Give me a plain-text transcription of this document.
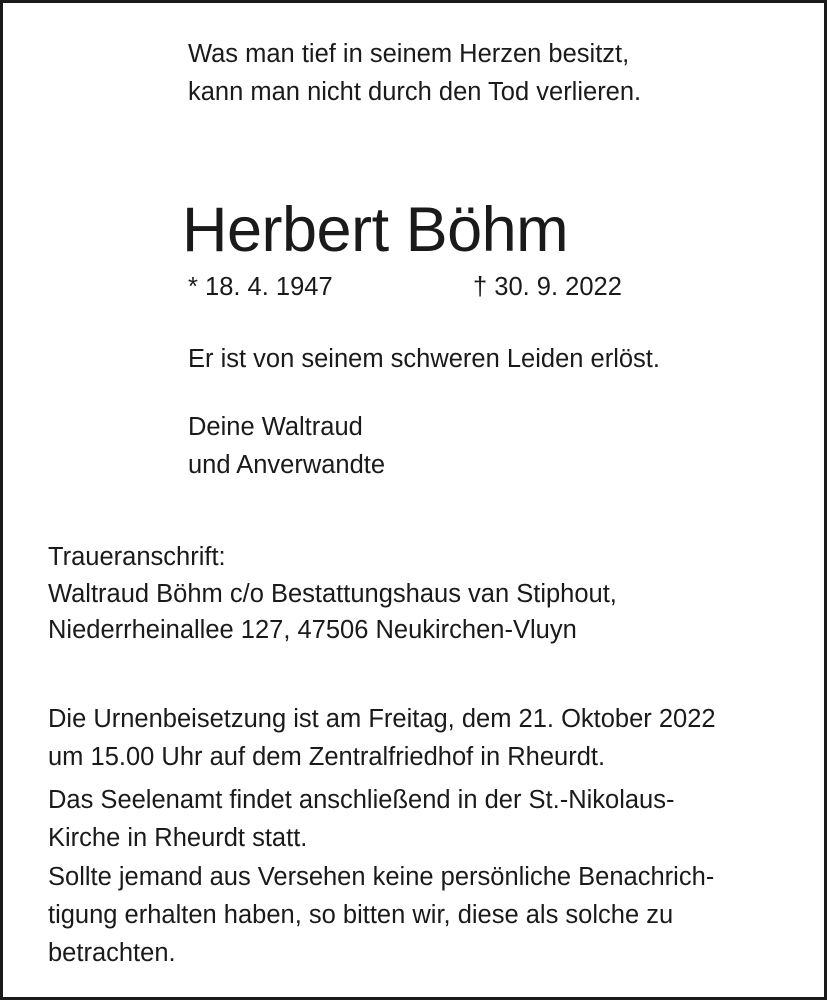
Was man tief in seinem Herzen besitzt,
kann man nicht durch den Tod verlieren.

Herbert Böhm

* 18. 4. 1947	† 30. 9. 2022

Er ist von seinem schweren Leiden erlöst.

Deine Waltraud
und Anverwandte

Traueranschrift:

Waltraud Böhm c/o Bestattungshaus van Stiphout,

Niederrheinallee 127, 47506 Neukirchen-Vluyn

Die Urnenbeisetzung ist am Freitag, dem 21. Oktober 2022
um 15.00 Uhr auf dem Zentralfriedhof in Rheurdt.

Das Seelenamt findet anschließend in der St.-Nikolaus-
Kirche in Rheurdt statt.

Sollte jemand aus Versehen keine persönliche Benachrich-
tigung erhalten haben, so bitten wir, diese als solche zu
betrachten.
